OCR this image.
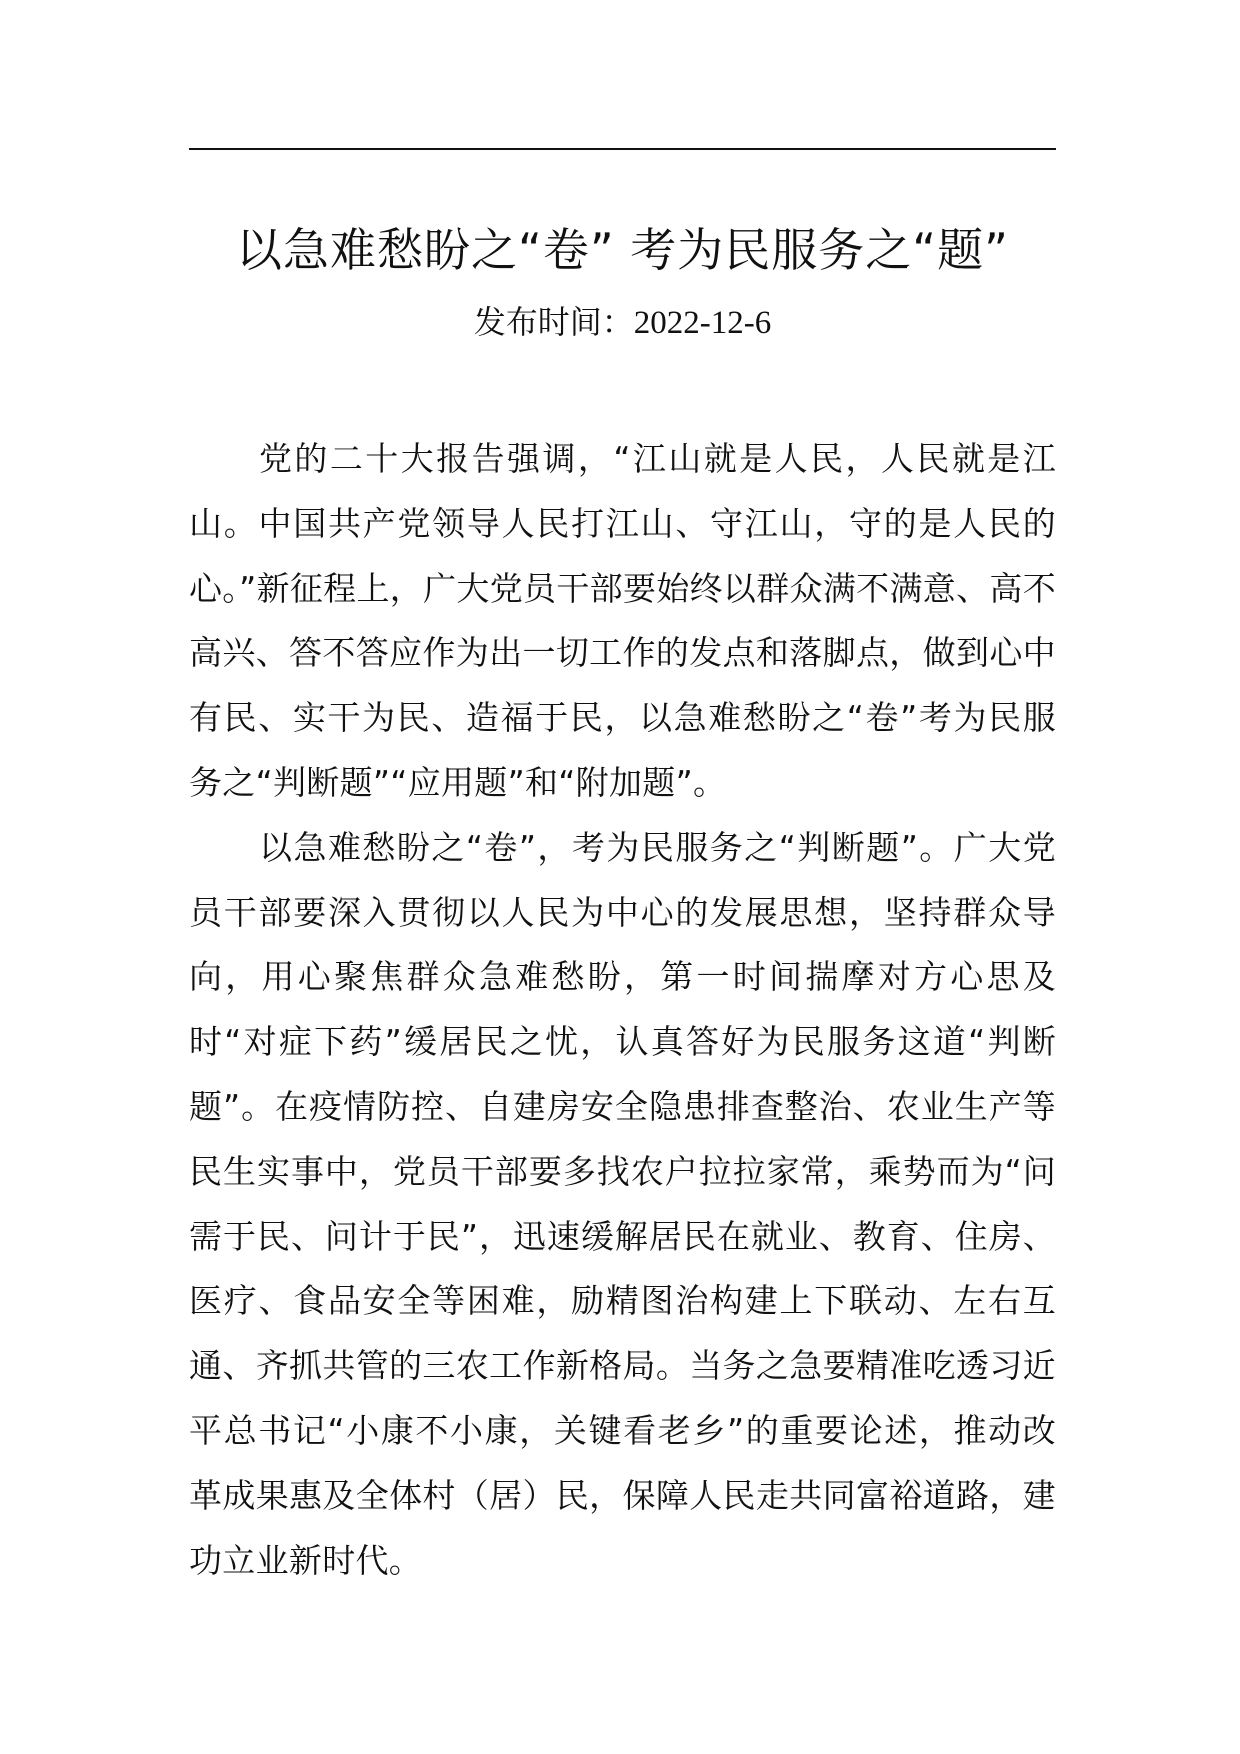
以急难愁盼之“卷” 考为民服务之“题”
发布时间：2022-12-6

党的二十大报告强调，“江山就是人民，人民就是江山。中国共产党领导人民打江山、守江山，守的是人民的心。”新征程上，广大党员干部要始终以群众满不满意、高不高兴、答不答应作为出一切工作的发点和落脚点，做到心中有民、实干为民、造福于民，以急难愁盼之“卷”考为民服务之“判断题”“应用题”和“附加题”。

以急难愁盼之“卷”，考为民服务之“判断题”。广大党员干部要深入贯彻以人民为中心的发展思想，坚持群众导向，用心聚焦群众急难愁盼，第一时间揣摩对方心思及时“对症下药”缓居民之忧，认真答好为民服务这道“判断题”。在疫情防控、自建房安全隐患排查整治、农业生产等民生实事中，党员干部要多找农户拉拉家常，乘势而为“问需于民、问计于民”，迅速缓解居民在就业、教育、住房、医疗、食品安全等困难，励精图治构建上下联动、左右互通、齐抓共管的三农工作新格局。当务之急要精准吃透习近平总书记“小康不小康，关键看老乡”的重要论述，推动改革成果惠及全体村（居）民，保障人民走共同富裕道路，建功立业新时代。
